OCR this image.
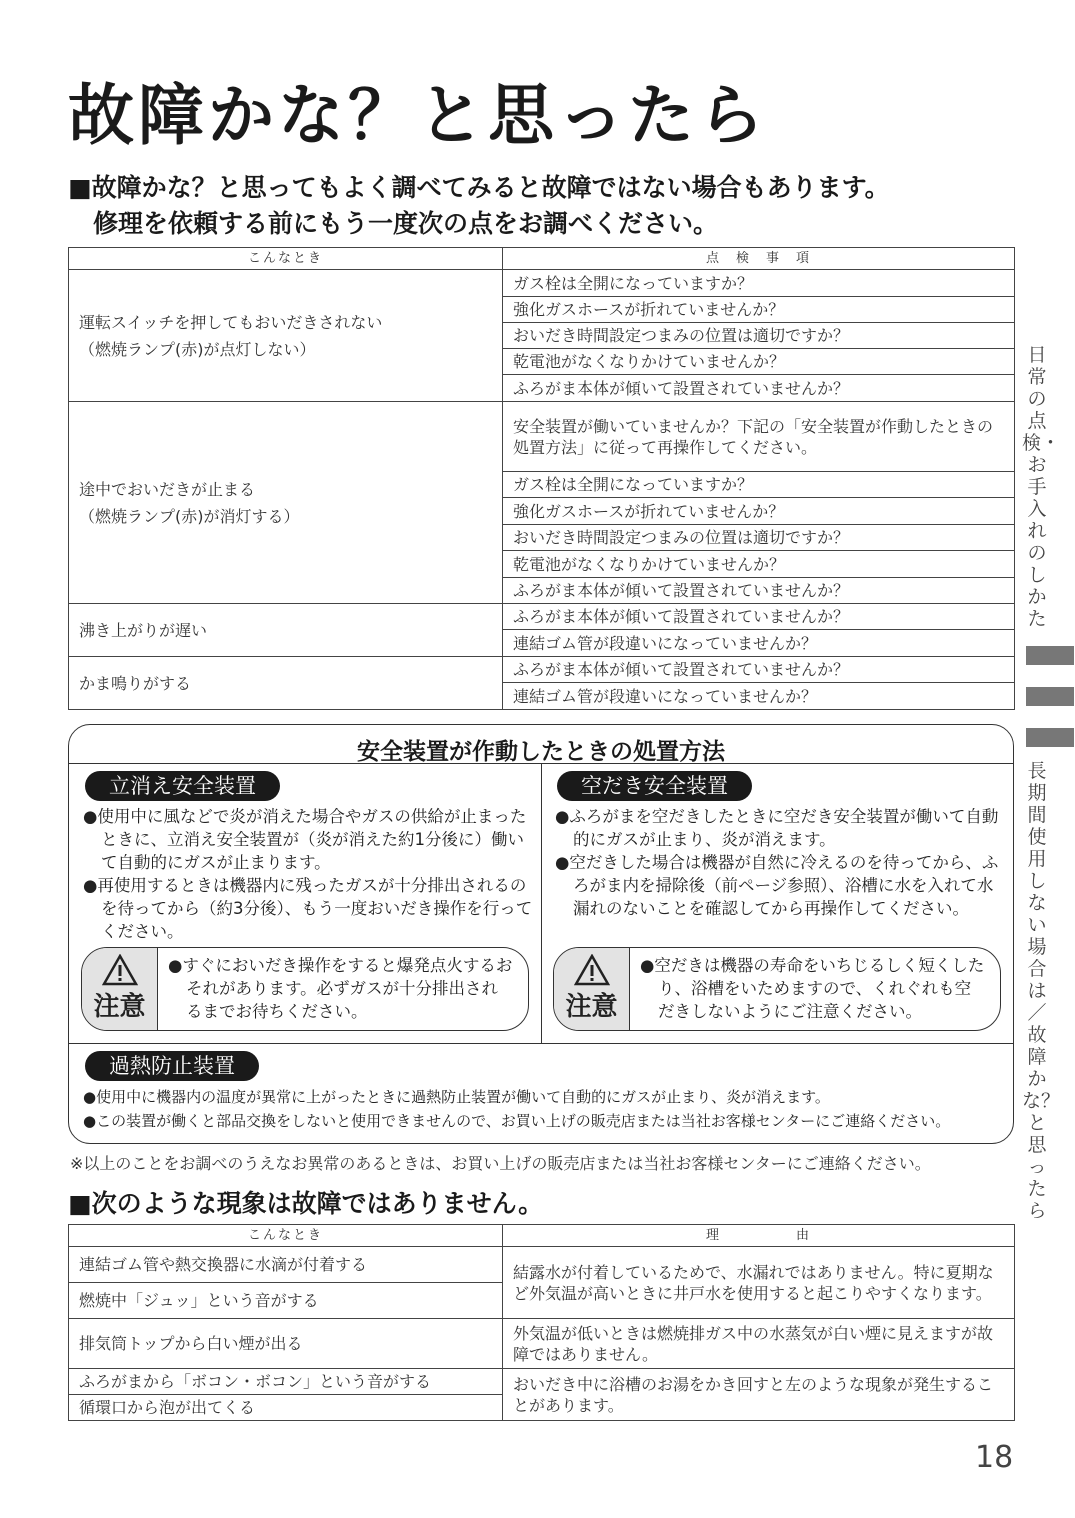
故障かな？と思ったら
■故障かな？と思ってもよく調べてみると故障ではない場合もあります。
　修理を依頼する前にもう一度次の点をお調べください。
こんなとき	点　検　事　項

運転スイッチを押してもおいだきされない
（燃焼ランプ(赤)が点灯しない）	ガス栓は全開になっていますか？
	強化ガスホースが折れていませんか？
	おいだき時間設定つまみの位置は適切ですか？
	乾電池がなくなりかけていませんか？
	ふろがま本体が傾いて設置されていませんか？

途中でおいだきが止まる
（燃焼ランプ(赤)が消灯する）	安全装置が働いていませんか？下記の「安全装置が作動したときの処置方法」に従って再操作してください。
	ガス栓は全開になっていますか？
	強化ガスホースが折れていませんか？
	おいだき時間設定つまみの位置は適切ですか？
	乾電池がなくなりかけていませんか？
	ふろがま本体が傾いて設置されていませんか？
沸き上がりが遅い	ふろがま本体が傾いて設置されていませんか？
	連結ゴム管が段違いになっていませんか？
かま鳴りがする	ふろがま本体が傾いて設置されていませんか？
	連結ゴム管が段違いになっていませんか？
日常の点検・お手入れのしかた
長期間使用しない場合は／故障かな？と思ったら
安全装置が作動したときの処置方法
立消え安全装置

●使用中に風などで炎が消えた場合やガスの供給が止まったときに、立消え安全装置が（炎が消えた約1分後に）働いて自動的にガスが止まります。

●再使用するときは機器内に残ったガスが十分排出されるのを待ってから（約3分後）、もう一度おいだき操作を行ってください。

注意

●すぐにおいだき操作をすると爆発点火するおそれがあります。必ずガスが十分排出されるまでお待ちください。

空だき安全装置

●ふろがまを空だきしたときに空だき安全装置が働いて自動的にガスが止まり、炎が消えます。

●空だきした場合は機器が自然に冷えるのを待ってから、ふろがま内を掃除後（前ページ参照）、浴槽に水を入れて水漏れのないことを確認してから再操作してください。

注意

●空だきは機器の寿命をいちじるしく短くしたり、浴槽をいためますので、くれぐれも空だきしないようにご注意ください。

過熱防止装置

●使用中に機器内の温度が異常に上がったときに過熱防止装置が働いて自動的にガスが止まり、炎が消えます。

●この装置が働くと部品交換をしないと使用できませんので、お買い上げの販売店または当社お客様センターにご連絡ください。

※以上のことをお調べのうえなお異常のあるときは、お買い上げの販売店または当社お客様センターにご連絡ください。
■次のような現象は故障ではありません。
こんなとき	理　　　　　由
連結ゴム管や熱交換器に水滴が付着する	結露水が付着しているためで、水漏れではありません。特に夏期など外気温が高いときに井戸水を使用すると起こりやすくなります。
燃焼中「ジュッ」という音がする	
排気筒トップから白い煙が出る	外気温が低いときは燃焼排ガス中の水蒸気が白い煙に見えますが故障ではありません。
ふろがまから「ボコン・ボコン」という音がする	おいだき中に浴槽のお湯をかき回すと左のような現象が発生することがあります。
循環口から泡が出てくる	
18
